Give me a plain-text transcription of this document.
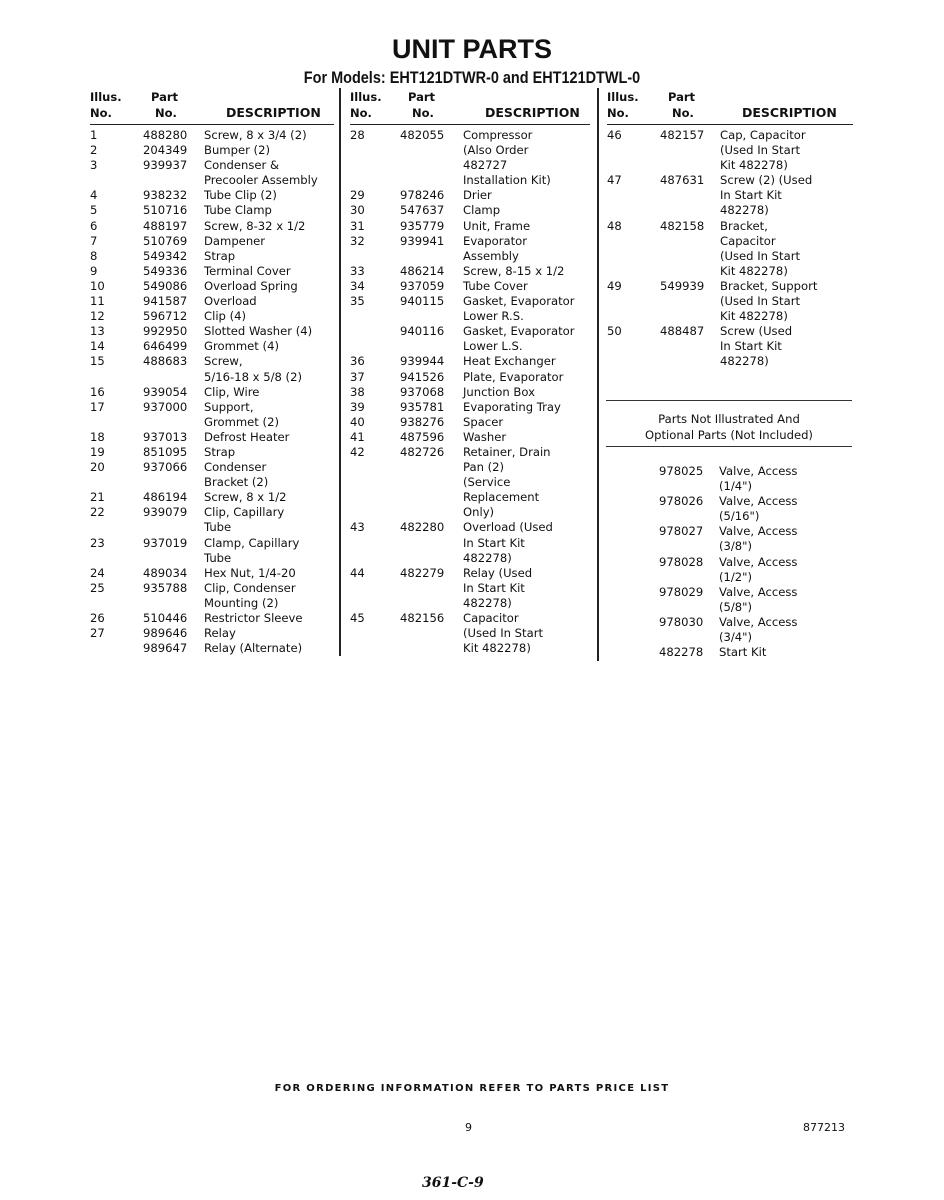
UNIT PARTS
For Models: EHT121DTWR-0 and EHT121DTWL-0
Illus.
No.
Part
No.	DESCRIPTION
1	488280 Screw, 8 x 3/4 (2)
2	204349 Bumper (2)
3	939937 Condenser &
Precooler Assembly
4	938232 Tube Clip (2)
5	510716 Tube Clamp
6	488197 Screw, 8-32 x 1/2
7	510769 Dampener
8	549342 Strap
9	549336 Terminal Cover
10	549086 Overload Spring
11	941587 Overload
12	596712 Clip (4)
13	992950 Slotted Washer (4)
14	646499 Grommet (4)
15	488683 Screw,
5/16-18 x 5/8 (2)
16	939054 Clip, Wire
17	937000 Support,
Grommet (2)
18	937013 Defrost Heater
19	851095 Strap
20	937066 Condenser
Bracket (2)
21	486194 Screw, 8 x 1/2
22	939079 Clip, Capillary
Tube
23	937019 Clamp, Capillary
Tube
24	489034 Hex Nut, 1/4-20
25	935788 Clip, Condenser
Mounting (2)
26	510446 Restrictor Sleeve
27	989646 Relay
989647 Relay (Alternate)
Illus.
No.
Part
No.	DESCRIPTION
28	482055 Compressor
(Also Order
482727
Installation Kit)
29	978246 Drier
30	547637 Clamp
31	935779 Unit, Frame
32	939941 Evaporator
Assembly
33	486214 Screw, 8-15 x 1/2
34	937059 Tube Cover
35	940115 Gasket, Evaporator
Lower R.S.
940116 Gasket, Evaporator
Lower L.S.
36	939944 Heat Exchanger
37	941526 Plate, Evaporator
38	937068 Junction Box
39	935781 Evaporating Tray
40	938276 Spacer
41	487596 Washer
42	482726 Retainer, Drain
Pan (2)
(Service
Replacement
Only)
43	482280 Overload (Used
In Start Kit
482278)
44	482279 Relay (Used
In Start Kit
482278)
45	482156 Capacitor
(Used In Start
Kit 482278)
Illus.
No.
Part
No.	DESCRIPTION
46	482157 Cap, Capacitor
(Used In Start
Kit 482278)
47	487631 Screw (2) (Used
In Start Kit
482278)
48	482158 Bracket,
Capacitor
(Used In Start
Kit 482278)
49	549939 Bracket, Support
(Used In Start
Kit 482278)
50	488487 Screw (Used
In Start Kit
482278)
Parts Not Illustrated And
Optional Parts (Not Included)
978025 Valve, Access
(1/4")
978026 Valve, Access
(5/16")
978027 Valve, Access
(3/8")
978028 Valve, Access
(1/2")
978029 Valve, Access
(5/8")
978030 Valve, Access
(3/4")
482278 Start Kit
FOR ORDERING INFORMATION REFER TO PARTS PRICE LIST
9	877213
361-C-9
